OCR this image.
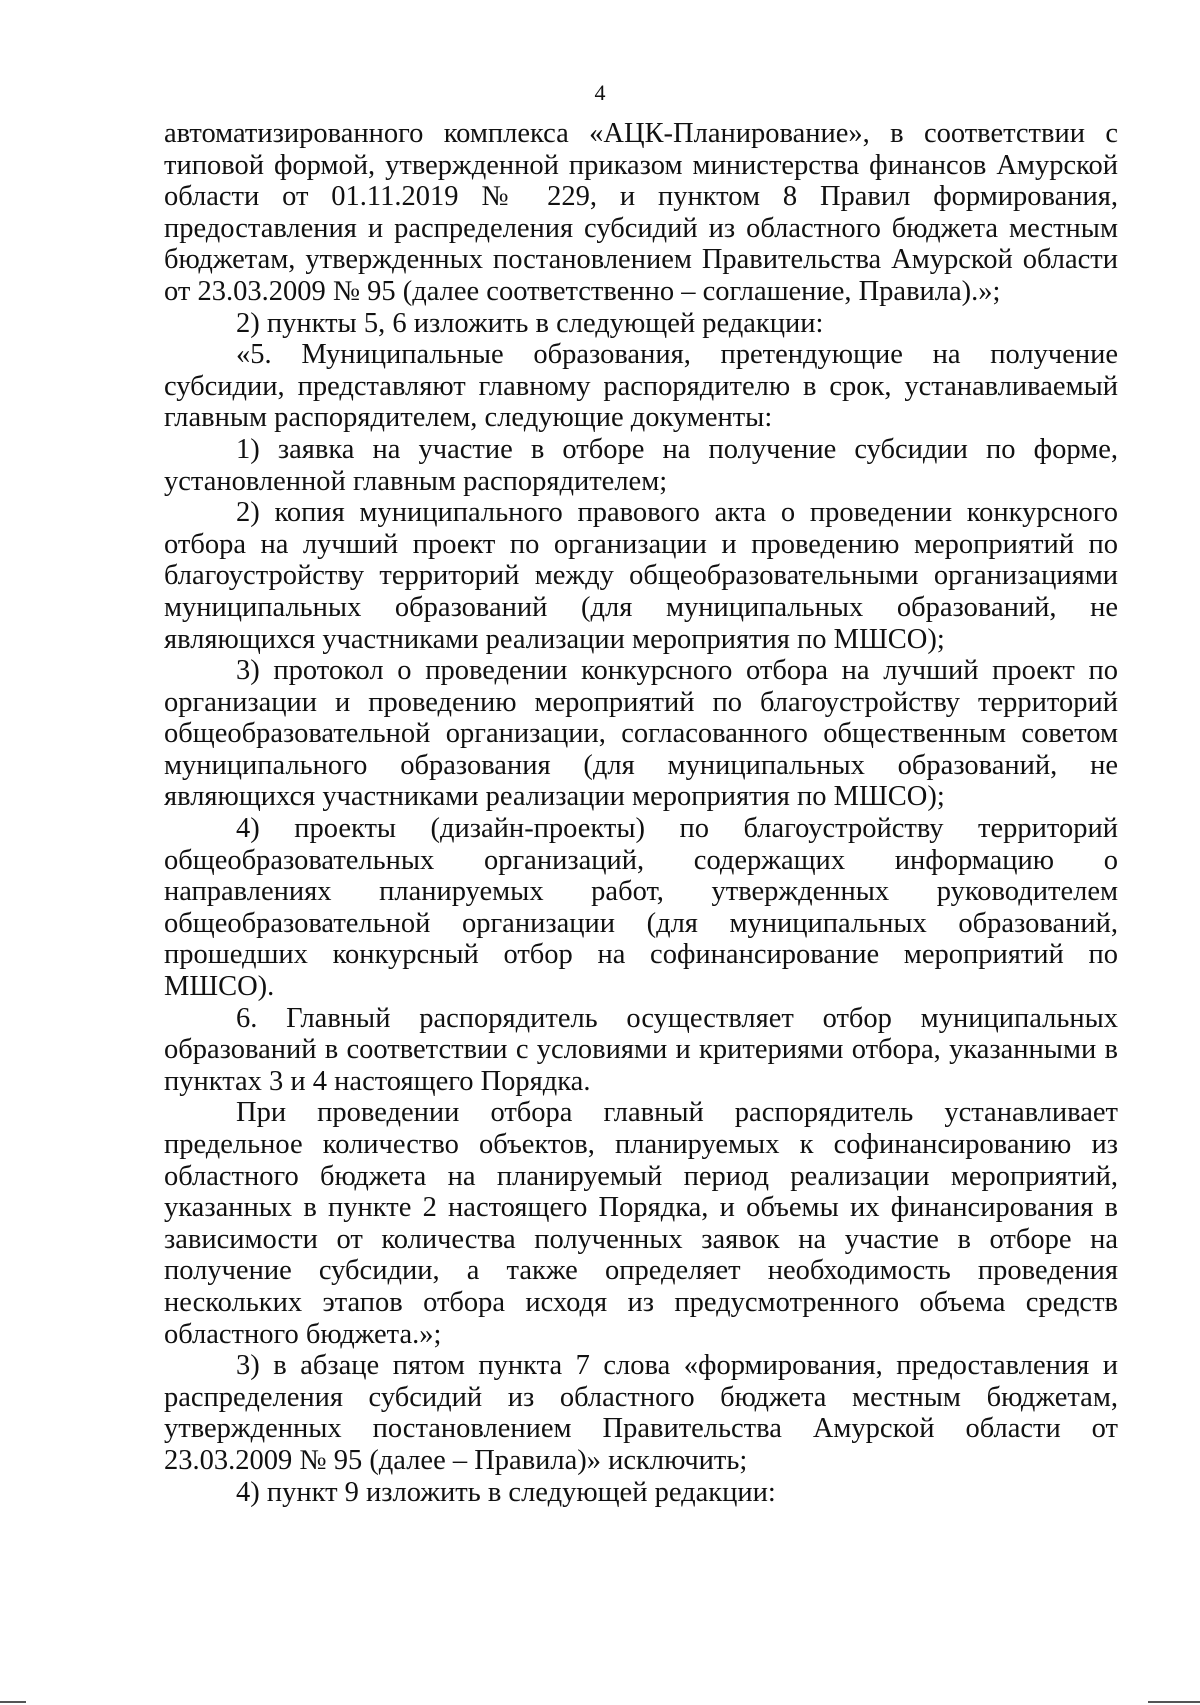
4
автоматизированного комплекса «АЦК-Планирование», в соответствии с
типовой формой, утвержденной приказом министерства финансов Амурской
области от 01.11.2019 № 229, и пунктом 8 Правил формирования,
предоставления и распределения субсидий из областного бюджета местным
бюджетам, утвержденных постановлением Правительства Амурской области
от 23.03.2009 № 95 (далее соответственно – соглашение, Правила).»;
2) пункты 5, 6 изложить в следующей редакции:
«5. Муниципальные образования, претендующие на получение
субсидии, представляют главному распорядителю в срок, устанавливаемый
главным распорядителем, следующие документы:
1) заявка на участие в отборе на получение субсидии по форме,
установленной главным распорядителем;
2) копия муниципального правового акта о проведении конкурсного
отбора на лучший проект по организации и проведению мероприятий по
благоустройству территорий между общеобразовательными организациями
муниципальных образований (для муниципальных образований, не
являющихся участниками реализации мероприятия по МШСО);
3) протокол о проведении конкурсного отбора на лучший проект по
организации и проведению мероприятий по благоустройству территорий
общеобразовательной организации, согласованного общественным советом
муниципального образования (для муниципальных образований, не
являющихся участниками реализации мероприятия по МШСО);
4) проекты (дизайн-проекты) по благоустройству территорий
общеобразовательных организаций, содержащих информацию о
направлениях планируемых работ, утвержденных руководителем
общеобразовательной организации (для муниципальных образований,
прошедших конкурсный отбор на софинансирование мероприятий по
МШСО).
6. Главный распорядитель осуществляет отбор муниципальных
образований в соответствии с условиями и критериями отбора, указанными в
пунктах 3 и 4 настоящего Порядка.
При проведении отбора главный распорядитель устанавливает
предельное количество объектов, планируемых к софинансированию из
областного бюджета на планируемый период реализации мероприятий,
указанных в пункте 2 настоящего Порядка, и объемы их финансирования в
зависимости от количества полученных заявок на участие в отборе на
получение субсидии, а также определяет необходимость проведения
нескольких этапов отбора исходя из предусмотренного объема средств
областного бюджета.»;
3) в абзаце пятом пункта 7 слова «формирования, предоставления и
распределения субсидий из областного бюджета местным бюджетам,
утвержденных постановлением Правительства Амурской области от
23.03.2009 № 95 (далее – Правила)» исключить;
4) пункт 9 изложить в следующей редакции:
